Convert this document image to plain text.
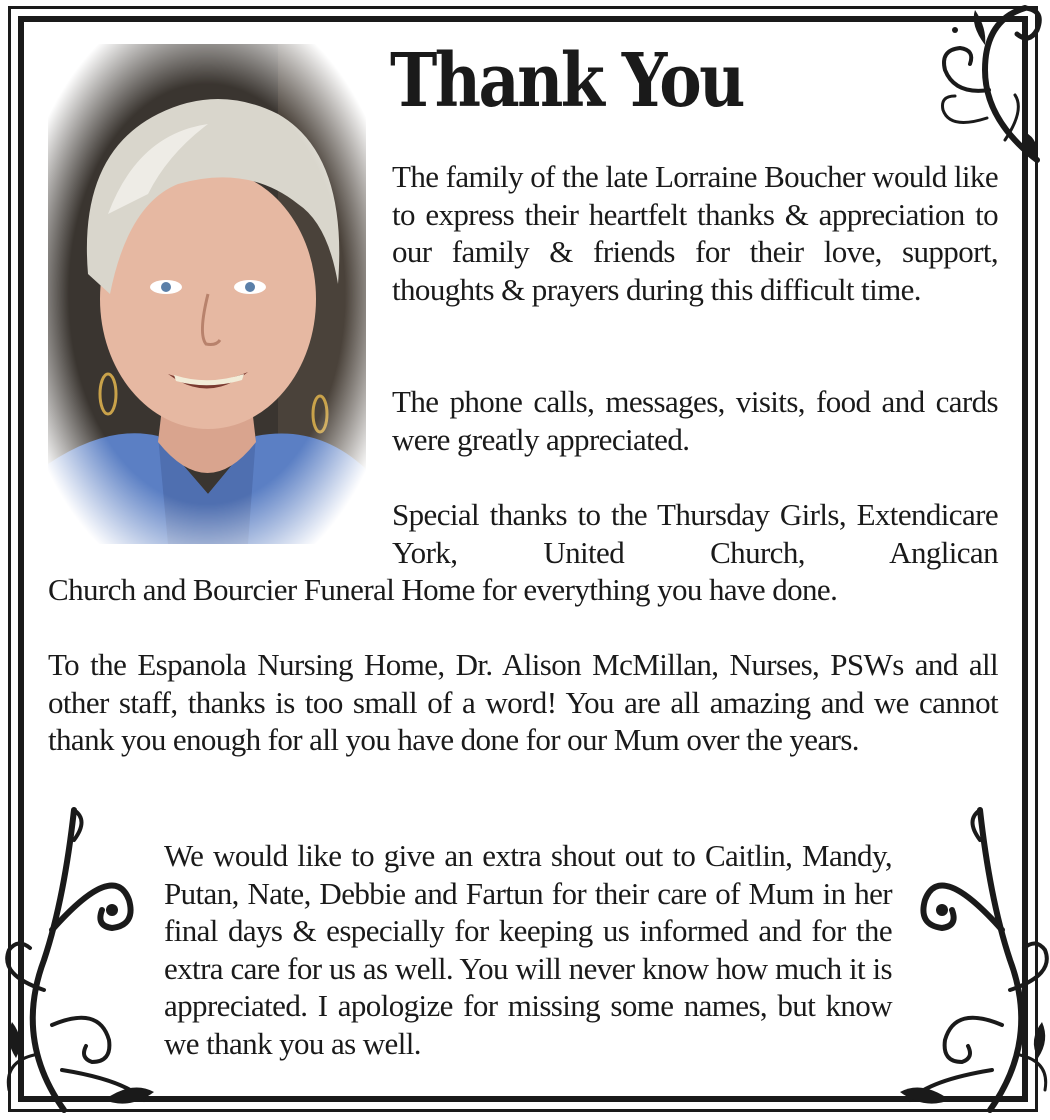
Thank You

The family of the late Lorraine Boucher would like to express their heartfelt thanks & appreciation to our family & friends for their love, support, thoughts & prayers during this difficult time.

The phone calls, messages, visits, food and cards were greatly appreciated.

Special thanks to the Thursday Girls, Extendicare York, United Church, Anglican

Church and Bourcier Funeral Home for everything you have done.

To the Espanola Nursing Home, Dr. Alison McMillan, Nurses, PSWs and all other staff, thanks is too small of a word! You are all amazing and we cannot thank you enough for all you have done for our Mum over the years.

We would like to give an extra shout out to Caitlin, Mandy, Putan, Nate, Debbie and Fartun for their care of Mum in her final days & especially for keeping us informed and for the extra care for us as well. You will never know how much it is appreciated. I apologize for missing some names, but know we thank you as well.
